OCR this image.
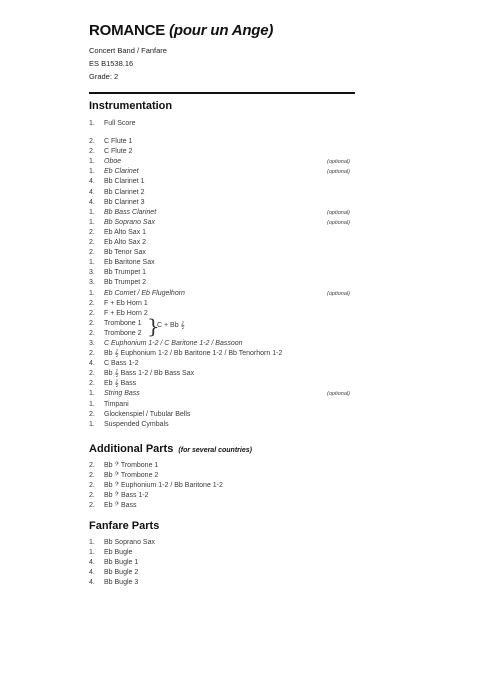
ROMANCE (pour un Ange)
Concert Band / Fanfare
ES B1538.16
Grade: 2
Instrumentation
1.	Full Score
2.	C Flute 1
2.	C Flute 2
1.	Oboe	(optional)
1.	Eb Clarinet	(optional)
4.	Bb Clarinet 1
4.	Bb Clarinet 2
4.	Bb Clarinet 3
1.	Bb Bass Clarinet	(optional)
1.	Bb Soprano Sax	(optional)
2.	Eb Alto Sax 1
2.	Eb Alto Sax 2
2.	Bb Tenor Sax
1.	Eb Baritone Sax
3.	Bb Trumpet 1
3.	Bb Trumpet 2
1.	Eb Cornet / Eb Flugelhorn	(optional)
2.	F + Eb Horn 1
2.	F + Eb Horn 2
2.	Trombone 1 }
C + Bb 𝄞
2.	Trombone 2
3.	C Euphonium 1-2 / C Baritone 1-2 / Bassoon
2.	Bb 𝄞 Euphonium 1-2 / Bb Baritone 1-2 / Bb Tenorhorn 1-2
4.	C Bass 1-2
2.	Bb 𝄞 Bass 1-2 / Bb Bass Sax
2.	Eb 𝄞 Bass
1.	String Bass	(optional)
1.	Timpani
2.	Glockenspiel / Tubular Bells
1.	Suspended Cymbals
Additional Parts (for several countries)
2.	Bb 𝄢 Trombone 1
2.	Bb 𝄢 Trombone 2
2.	Bb 𝄢 Euphonium 1-2 / Bb Baritone 1-2
2.	Bb 𝄢 Bass 1-2
2.	Eb 𝄢 Bass
Fanfare Parts
1.	Bb Soprano Sax
1.	Eb Bugle
4.	Bb Bugle 1
4.	Bb Bugle 2
4.	Bb Bugle 3
